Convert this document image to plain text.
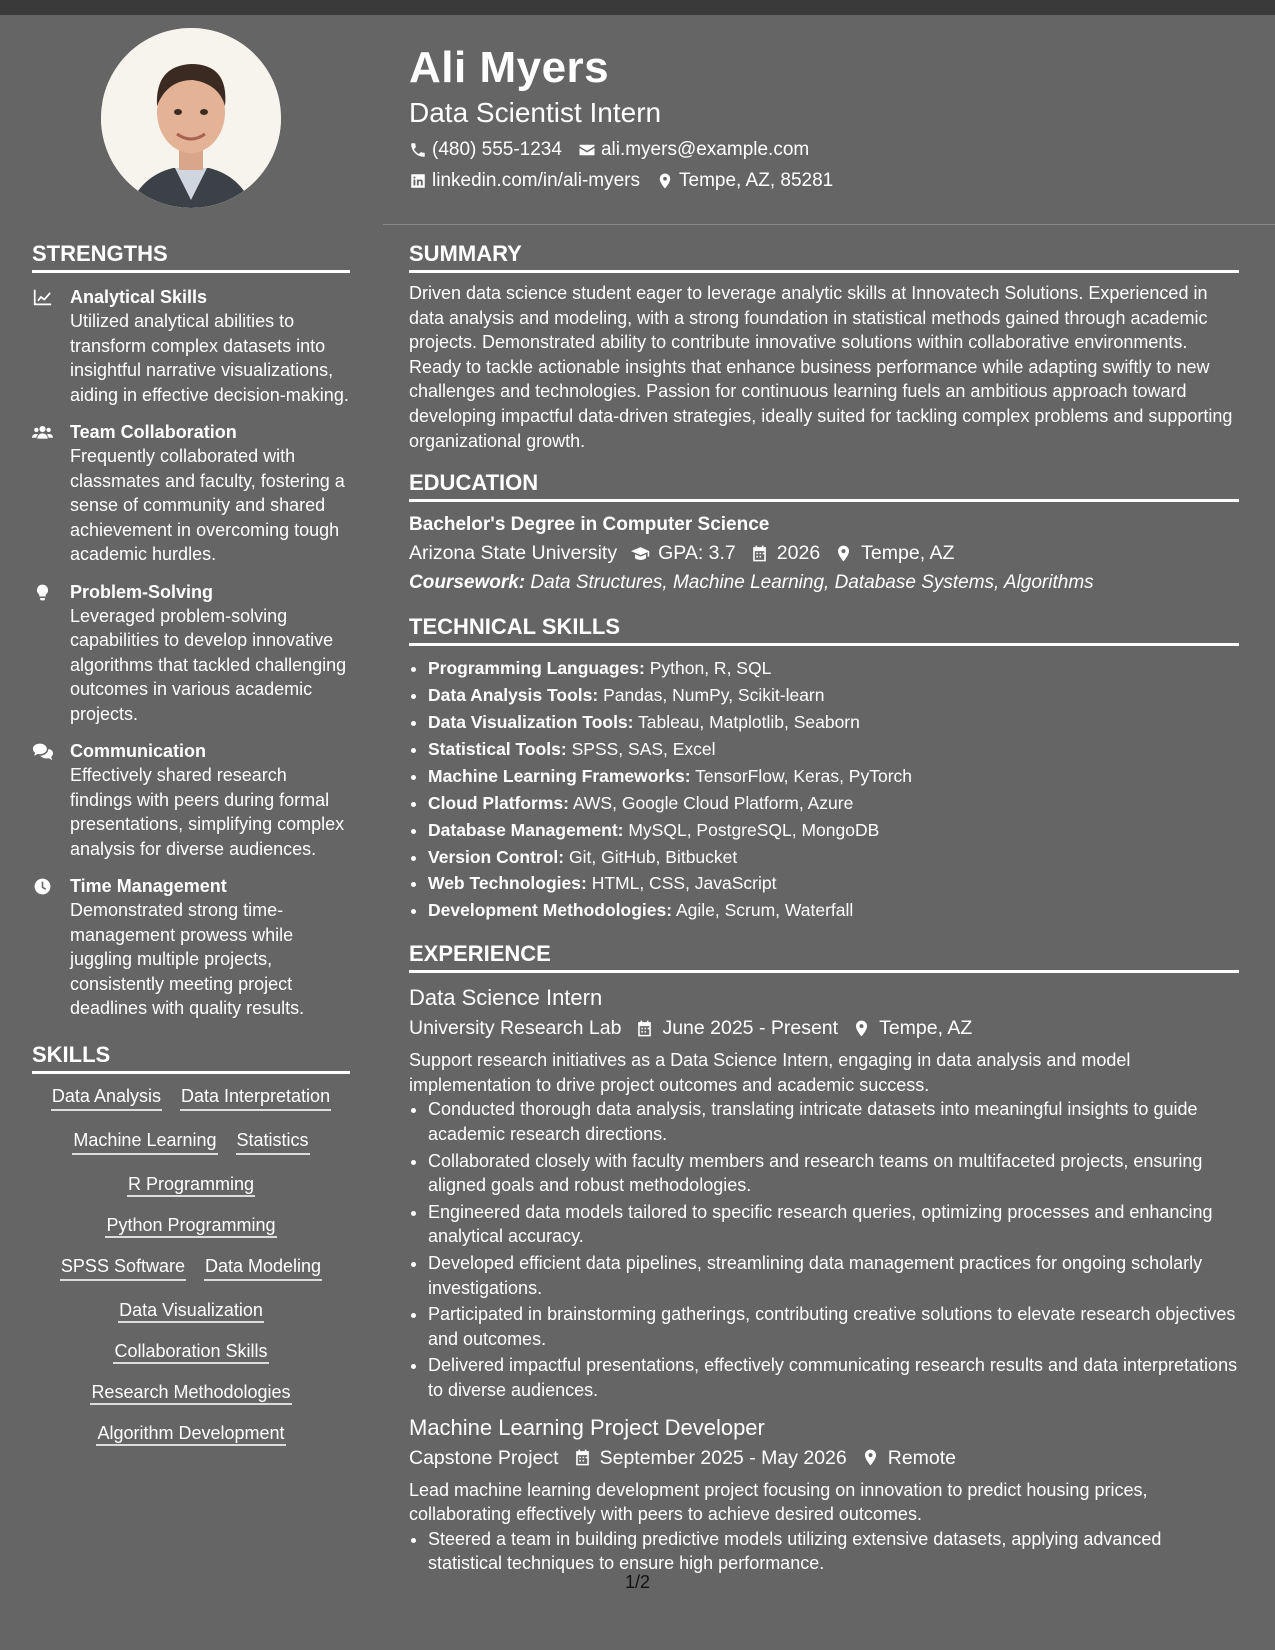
Ali Myers
Data Scientist Intern
(480) 555-1234 ali.myers@example.com
linkedin.com/in/ali-myers Tempe, AZ, 85281
STRENGTHS
Analytical Skills
Utilized analytical abilities to transform complex datasets into insightful narrative visualizations, aiding in effective decision-making.
Team Collaboration
Frequently collaborated with classmates and faculty, fostering a sense of community and shared achievement in overcoming tough academic hurdles.
Problem-Solving
Leveraged problem-solving capabilities to develop innovative algorithms that tackled challenging outcomes in various academic projects.
Communication
Effectively shared research findings with peers during formal presentations, simplifying complex analysis for diverse audiences.
Time Management
Demonstrated strong time-management prowess while juggling multiple projects, consistently meeting project deadlines with quality results.
SKILLS
Data Analysis Data Interpretation
Machine Learning Statistics
R Programming
Python Programming
SPSS Software Data Modeling
Data Visualization
Collaboration Skills
Research Methodologies
Algorithm Development
SUMMARY
Driven data science student eager to leverage analytic skills at Innovatech Solutions. Experienced in data analysis and modeling, with a strong foundation in statistical methods gained through academic projects. Demonstrated ability to contribute innovative solutions within collaborative environments. Ready to tackle actionable insights that enhance business performance while adapting swiftly to new challenges and technologies. Passion for continuous learning fuels an ambitious approach toward developing impactful data-driven strategies, ideally suited for tackling complex problems and supporting organizational growth.
EDUCATION
Bachelor's Degree in Computer Science
Arizona State University GPA: 3.7 2026 Tempe, AZ
Coursework: Data Structures, Machine Learning, Database Systems, Algorithms
TECHNICAL SKILLS
• Programming Languages: Python, R, SQL
• Data Analysis Tools: Pandas, NumPy, Scikit-learn
• Data Visualization Tools: Tableau, Matplotlib, Seaborn
• Statistical Tools: SPSS, SAS, Excel
• Machine Learning Frameworks: TensorFlow, Keras, PyTorch
• Cloud Platforms: AWS, Google Cloud Platform, Azure
• Database Management: MySQL, PostgreSQL, MongoDB
• Version Control: Git, GitHub, Bitbucket
• Web Technologies: HTML, CSS, JavaScript
• Development Methodologies: Agile, Scrum, Waterfall
EXPERIENCE
Data Science Intern
University Research Lab June 2025 - Present Tempe, AZ
Support research initiatives as a Data Science Intern, engaging in data analysis and model implementation to drive project outcomes and academic success.
• Conducted thorough data analysis, translating intricate datasets into meaningful insights to guide academic research directions.
• Collaborated closely with faculty members and research teams on multifaceted projects, ensuring aligned goals and robust methodologies.
• Engineered data models tailored to specific research queries, optimizing processes and enhancing analytical accuracy.
• Developed efficient data pipelines, streamlining data management practices for ongoing scholarly investigations.
• Participated in brainstorming gatherings, contributing creative solutions to elevate research objectives and outcomes.
• Delivered impactful presentations, effectively communicating research results and data interpretations to diverse audiences.
Machine Learning Project Developer
Capstone Project September 2025 - May 2026 Remote
Lead machine learning development project focusing on innovation to predict housing prices, collaborating effectively with peers to achieve desired outcomes.
• Steered a team in building predictive models utilizing extensive datasets, applying advanced statistical techniques to ensure high performance.
1/2
